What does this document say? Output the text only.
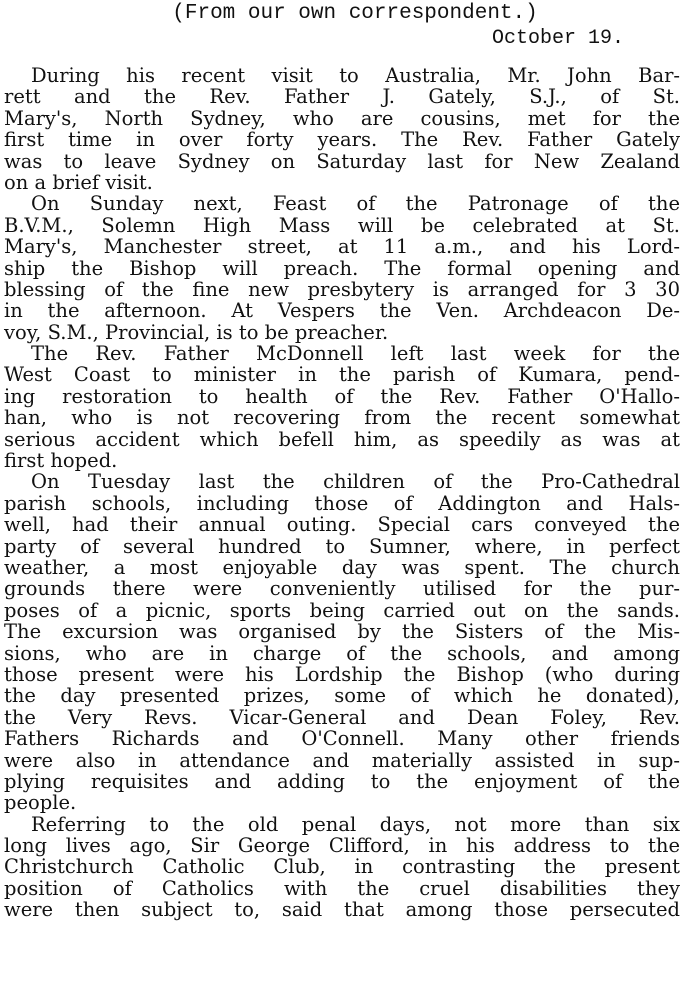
(From our own correspondent.)
October 19.
During his recent visit to Australia, Mr. John Bar-
rett and the Rev. Father J. Gately, S.J., of St.
Mary's, North Sydney, who are cousins, met for the
first time in over forty years. The Rev. Father Gately
was to leave Sydney on Saturday last for New Zealand
on a brief visit.
On Sunday next, Feast of the Patronage of the
B.V.M., Solemn High Mass will be celebrated at St.
Mary's, Manchester street, at 11 a.m., and his Lord-
ship the Bishop will preach. The formal opening and
blessing of the fine new presbytery is arranged for 3 30
in the afternoon. At Vespers the Ven. Archdeacon De-
voy, S.M., Provincial, is to be preacher.
The Rev. Father McDonnell left last week for the
West Coast to minister in the parish of Kumara, pend-
ing restoration to health of the Rev. Father O'Hallo-
han, who is not recovering from the recent somewhat
serious accident which befell him, as speedily as was at
first hoped.
On Tuesday last the children of the Pro-Cathedral
parish schools, including those of Addington and Hals-
well, had their annual outing. Special cars conveyed the
party of several hundred to Sumner, where, in perfect
weather, a most enjoyable day was spent. The church
grounds there were conveniently utilised for the pur-
poses of a picnic, sports being carried out on the sands.
The excursion was organised by the Sisters of the Mis-
sions, who are in charge of the schools, and among
those present were his Lordship the Bishop (who during
the day presented prizes, some of which he donated),
the Very Revs. Vicar-General and Dean Foley, Rev.
Fathers Richards and O'Connell. Many other friends
were also in attendance and materially assisted in sup-
plying requisites and adding to the enjoyment of the
people.
Referring to the old penal days, not more than six
long lives ago, Sir George Clifford, in his address to the
Christchurch Catholic Club, in contrasting the present
position of Catholics with the cruel disabilities they
were then subject to, said that among those persecuted
